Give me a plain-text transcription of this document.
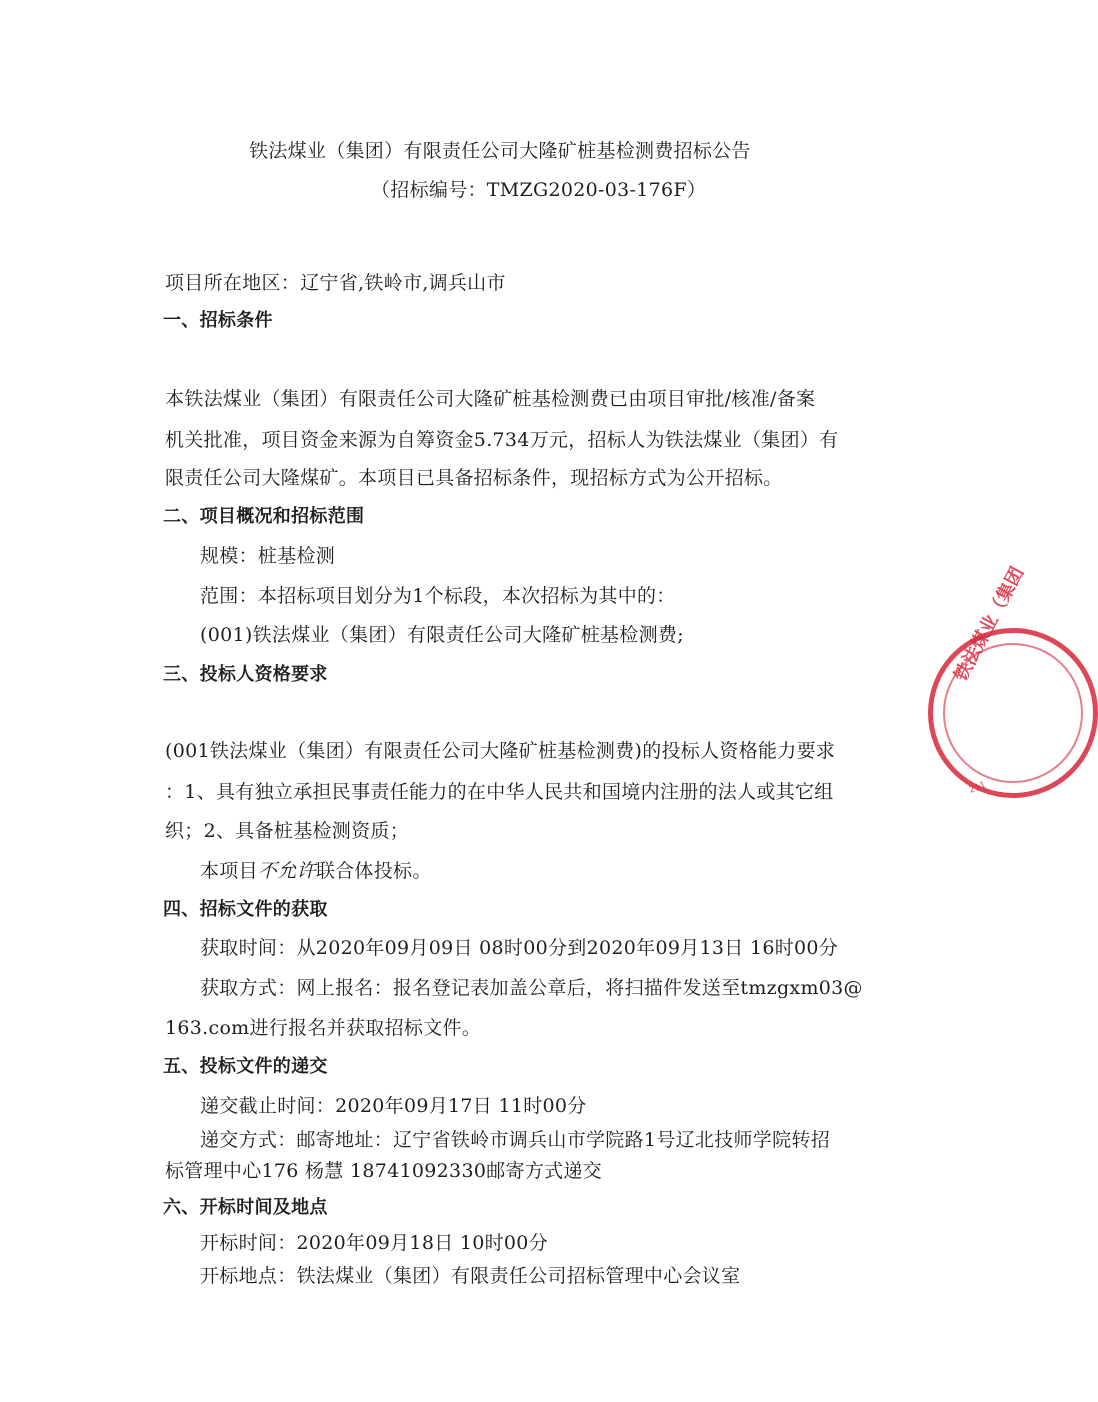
铁法煤业（集团）有限责任公司大隆矿桩基检测费招标公告

（招标编号：TMZG2020-03-176F）

项目所在地区：辽宁省,铁岭市,调兵山市

一、招标条件

本铁法煤业（集团）有限责任公司大隆矿桩基检测费已由项目审批/核准/备案

机关批准，项目资金来源为自筹资金5.734万元，招标人为铁法煤业（集团）有

限责任公司大隆煤矿。本项目已具备招标条件，现招标方式为公开招标。

二、项目概况和招标范围

规模：桩基检测

范围：本招标项目划分为1个标段，本次招标为其中的：

(001)铁法煤业（集团）有限责任公司大隆矿桩基检测费;

三、投标人资格要求

(001铁法煤业（集团）有限责任公司大隆矿桩基检测费)的投标人资格能力要求

：1、具有独立承担民事责任能力的在中华人民共和国境内注册的法人或其它组

织；2、具备桩基检测资质；

本项目不允许联合体投标。

四、招标文件的获取

获取时间：从2020年09月09日 08时00分到2020年09月13日 16时00分

获取方式：网上报名：报名登记表加盖公章后，将扫描件发送至tmzgxm03@

163.com进行报名并获取招标文件。

五、投标文件的递交

递交截止时间：2020年09月17日 11时00分

递交方式：邮寄地址：辽宁省铁岭市调兵山市学院路1号辽北技师学院转招

标管理中心176 杨慧 18741092330邮寄方式递交

六、开标时间及地点

开标时间：2020年09月18日 10时00分

开标地点：铁法煤业（集团）有限责任公司招标管理中心会议室

铁法煤业（集团
211
